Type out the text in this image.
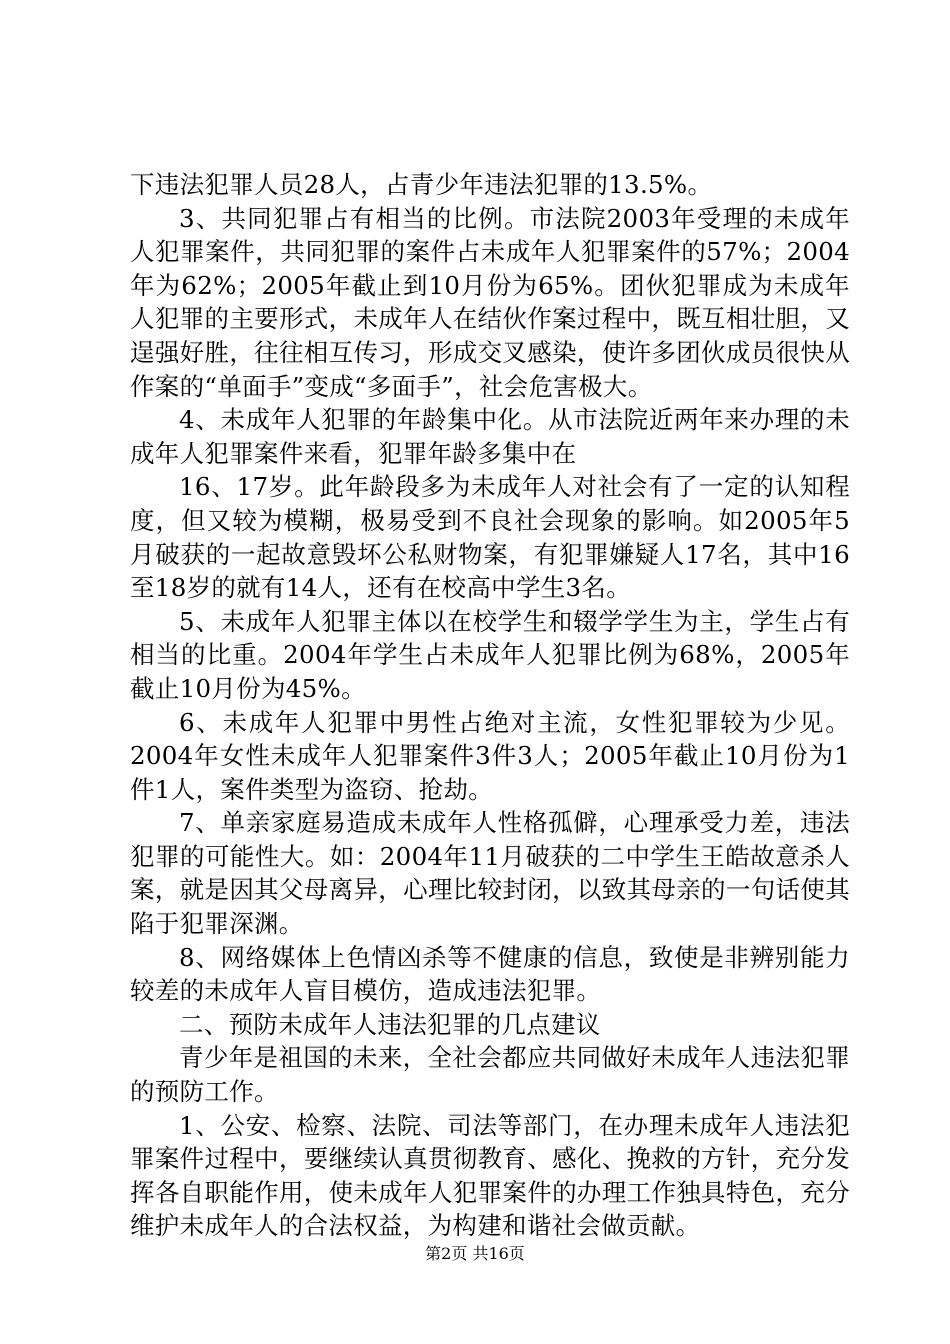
下违法犯罪人员28人，占青少年违法犯罪的13.5%。

3、共同犯罪占有相当的比例。市法院2003年受理的未成年人犯罪案件，共同犯罪的案件占未成年人犯罪案件的57%；2004年为62%；2005年截止到10月份为65%。团伙犯罪成为未成年人犯罪的主要形式，未成年人在结伙作案过程中，既互相壮胆，又逞强好胜，往往相互传习，形成交叉感染，使许多团伙成员很快从作案的“单面手”变成“多面手”，社会危害极大。

4、未成年人犯罪的年龄集中化。从市法院近两年来办理的未成年人犯罪案件来看，犯罪年龄多集中在

16、17岁。此年龄段多为未成年人对社会有了一定的认知程度，但又较为模糊，极易受到不良社会现象的影响。如2005年5月破获的一起故意毁坏公私财物案，有犯罪嫌疑人17名，其中16至18岁的就有14人，还有在校高中学生3名。

5、未成年人犯罪主体以在校学生和辍学学生为主，学生占有相当的比重。2004年学生占未成年人犯罪比例为68%，2005年截止10月份为45%。

6、未成年人犯罪中男性占绝对主流，女性犯罪较为少见。2004年女性未成年人犯罪案件3件3人；2005年截止10月份为1件1人，案件类型为盗窃、抢劫。

7、单亲家庭易造成未成年人性格孤僻，心理承受力差，违法犯罪的可能性大。如：2004年11月破获的二中学生王皓故意杀人案，就是因其父母离异，心理比较封闭，以致其母亲的一句话使其陷于犯罪深渊。

8、网络媒体上色情凶杀等不健康的信息，致使是非辨别能力较差的未成年人盲目模仿，造成违法犯罪。

二、预防未成年人违法犯罪的几点建议

青少年是祖国的未来，全社会都应共同做好未成年人违法犯罪的预防工作。

1、公安、检察、法院、司法等部门，在办理未成年人违法犯罪案件过程中，要继续认真贯彻教育、感化、挽救的方针，充分发挥各自职能作用，使未成年人犯罪案件的办理工作独具特色，充分维护未成年人的合法权益，为构建和谐社会做贡献。

第2页 共16页
